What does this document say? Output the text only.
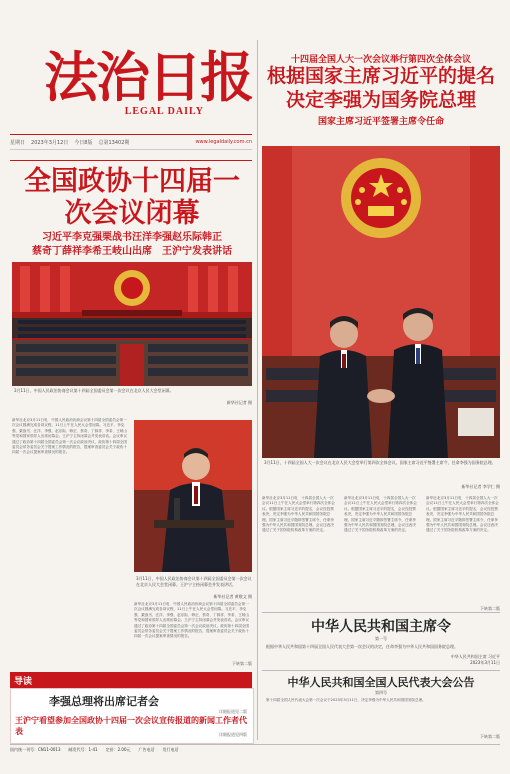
法治日报
LEGAL DAILY
星期日 2023年3月12日 今日8版 总第13402期	www.legaldaily.com.cn
全国政协十四届一次会议闭幕
习近平李克强栗战书汪洋李强赵乐际韩正
蔡奇丁薛祥李希王岐山出席　王沪宁发表讲话
3月11日，中国人民政治协商会议第十四届全国委员会第一次会议在北京人民大会堂闭幕。
新华社记者 摄
新华社北京3月11日电　中国人民政治协商会议第十四届全国委员会第一次会议圆满完成各项议程，11日上午在人民大会堂闭幕。习近平、李克强、栗战书、汪洋、李强、赵乐际、韩正、蔡奇、丁薛祥、李希、王岐山等党和国家领导人出席闭幕会。王沪宁主持闭幕会并发表讲话。会议审议通过了政协第十四届全国委员会第一次会议政治决议，政协第十四届全国委员会常务委员会关于提案工作情况的报告，提案审查委员会关于政协十四届一次会议提案审查情况的报告。
3月11日，中国人民政治协商会议第十四届全国委员会第一次会议在北京人民大会堂闭幕。王沪宁主持闭幕会并发表讲话。
新华社记者 黄敬文 摄
新华社北京3月11日电　中国人民政治协商会议第十四届全国委员会第一次会议圆满完成各项议程，11日上午在人民大会堂闭幕。习近平、李克强、栗战书、汪洋、李强、赵乐际、韩正、蔡奇、丁薛祥、李希、王岐山等党和国家领导人出席闭幕会。王沪宁主持闭幕会并发表讲话。会议审议通过了政协第十四届全国委员会第一次会议政治决议，政协第十四届全国委员会常务委员会关于提案工作情况的报告，提案审查委员会关于政协十四届一次会议提案审查情况的报告。
下转第二版
导读
李强总理将出席记者会
详细报道见二版
王沪宁看望参加全国政协十四届一次会议宣传报道的新闻工作者代表	详细报道见四版
十四届全国人大一次会议举行第四次全体会议
根据国家主席习近平的提名
决定李强为国务院总理
国家主席习近平签署主席令任命
3月11日，十四届全国人大一次会议在北京人民大会堂举行第四次全体会议。国家主席习近平签署主席令，任命李强为国务院总理。
新华社记者 李学仁 摄
新华社北京3月11日电　十四届全国人大一次会议11日上午在人民大会堂举行第四次全体会议。根据国家主席习近平的提名，会议经投票表决，决定李强为中华人民共和国国务院总理。国家主席习近平随即签署主席令，任命李强为中华人民共和国国务院总理。会议还表决通过了关于国务院机构改革方案的决定。
新华社北京3月11日电　十四届全国人大一次会议11日上午在人民大会堂举行第四次全体会议。根据国家主席习近平的提名，会议经投票表决，决定李强为中华人民共和国国务院总理。国家主席习近平随即签署主席令，任命李强为中华人民共和国国务院总理。会议还表决通过了关于国务院机构改革方案的决定。
新华社北京3月11日电　十四届全国人大一次会议11日上午在人民大会堂举行第四次全体会议。根据国家主席习近平的提名，会议经投票表决，决定李强为中华人民共和国国务院总理。国家主席习近平随即签署主席令，任命李强为中华人民共和国国务院总理。会议还表决通过了关于国务院机构改革方案的决定。
下转第二版
中华人民共和国主席令
第一号
根据中华人民共和国第十四届全国人民代表大会第一次会议的决定，任命李强为中华人民共和国国务院总理。
中华人民共和国主席 习近平
2023年3月11日
中华人民共和国全国人民代表大会公告
第四号
第十四届全国人民代表大会第一次会议于2023年3月11日，决定李强为中华人民共和国国务院总理。
下转第二版
国内统一刊号：CN11-0013 邮发代号：1-41 定价：2.00元 广告电话 发行电话
